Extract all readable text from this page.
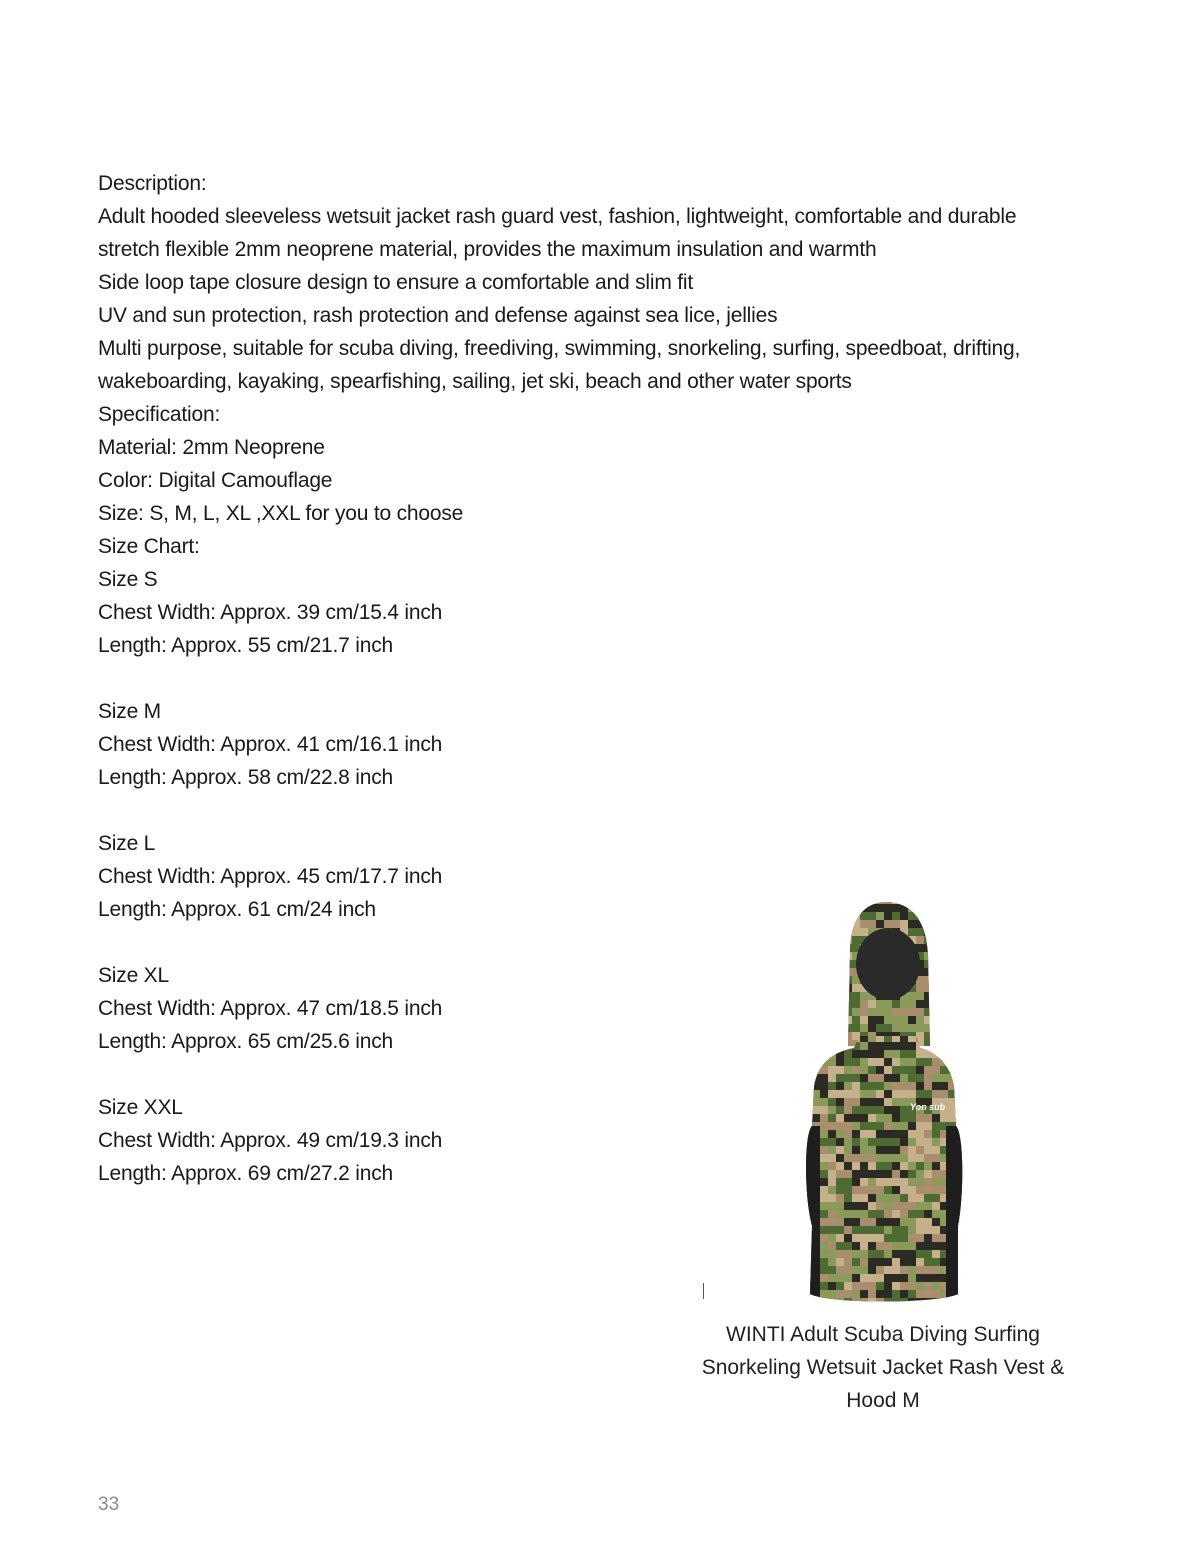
Description:
Adult hooded sleeveless wetsuit jacket rash guard vest, fashion, lightweight, comfortable and durable
stretch flexible 2mm neoprene material, provides the maximum insulation and warmth
Side loop tape closure design to ensure a comfortable and slim fit
UV and sun protection, rash protection and defense against sea lice, jellies
Multi purpose, suitable for scuba diving, freediving, swimming, snorkeling, surfing, speedboat, drifting,
wakeboarding, kayaking, spearfishing, sailing, jet ski, beach and other water sports
Specification:
Material: 2mm Neoprene
Color: Digital Camouflage
Size: S, M, L, XL ,XXL for you to choose
Size Chart:
Size S
Chest Width: Approx. 39 cm/15.4 inch
Length: Approx. 55 cm/21.7 inch
Size M
Chest Width: Approx. 41 cm/16.1 inch
Length: Approx. 58 cm/22.8 inch
Size L
Chest Width: Approx. 45 cm/17.7 inch
Length: Approx. 61 cm/24 inch
Size XL
Chest Width: Approx. 47 cm/18.5 inch
Length: Approx. 65 cm/25.6 inch
Size XXL
Chest Width: Approx. 49 cm/19.3 inch
Length: Approx. 69 cm/27.2 inch
Yon sub
WINTI Adult Scuba Diving Surfing
Snorkeling Wetsuit Jacket Rash Vest &
Hood M
33
